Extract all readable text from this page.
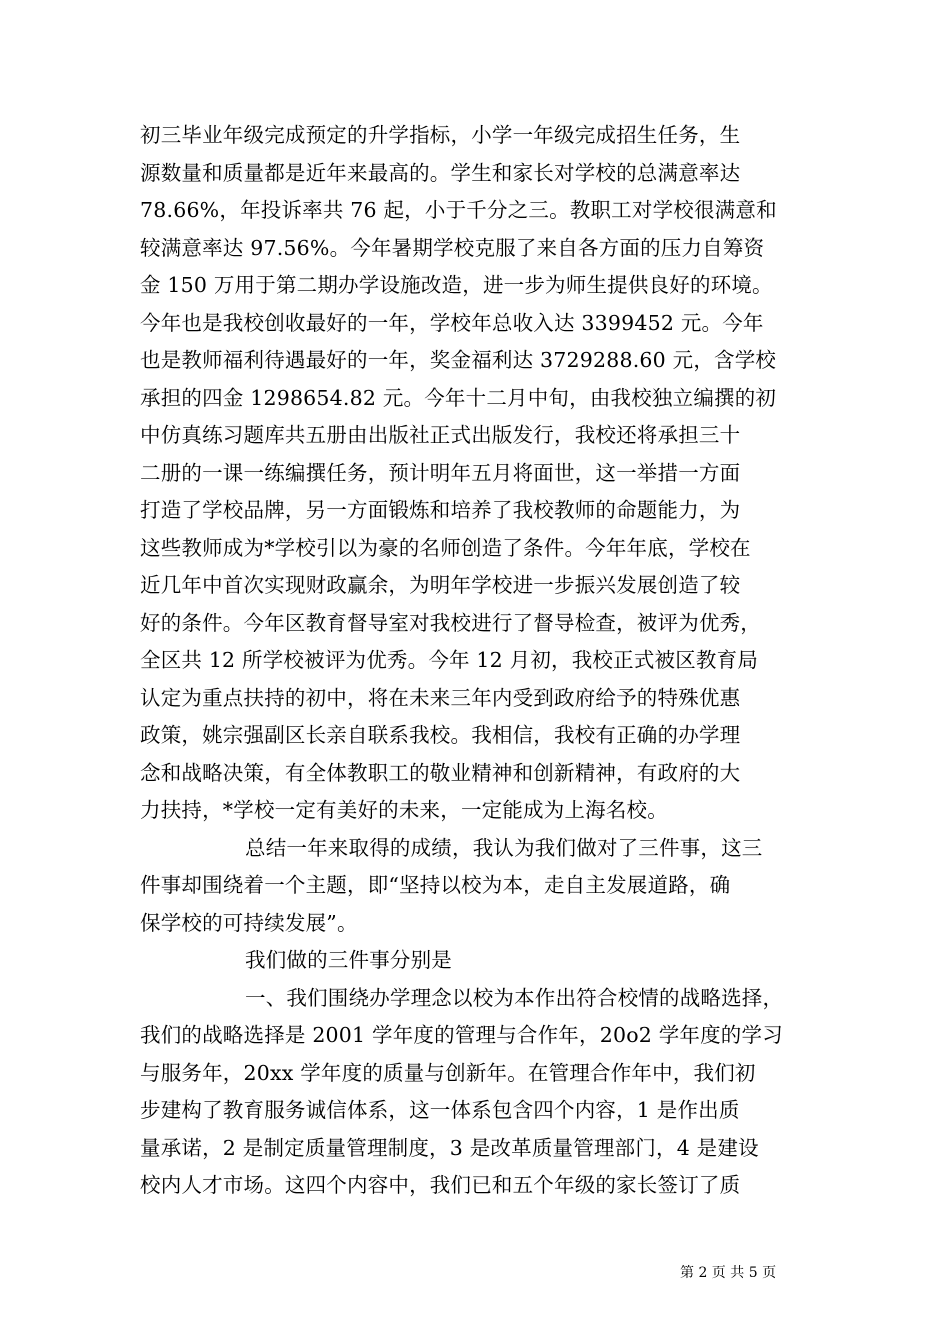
初三毕业年级完成预定的升学指标，小学一年级完成招生任务，生
源数量和质量都是近年来最高的。学生和家长对学校的总满意率达
78.66%，年投诉率共 76 起，小于千分之三。教职工对学校很满意和
较满意率达 97.56%。今年暑期学校克服了来自各方面的压力自筹资
金 150 万用于第二期办学设施改造，进一步为师生提供良好的环境。
今年也是我校创收最好的一年，学校年总收入达 3399452 元。今年
也是教师福利待遇最好的一年，奖金福利达 3729288.60 元，含学校
承担的四金 1298654.82 元。今年十二月中旬，由我校独立编撰的初
中仿真练习题库共五册由出版社正式出版发行，我校还将承担三十
二册的一课一练编撰任务，预计明年五月将面世，这一举措一方面
打造了学校品牌，另一方面锻炼和培养了我校教师的命题能力，为
这些教师成为*学校引以为豪的名师创造了条件。今年年底，学校在
近几年中首次实现财政赢余，为明年学校进一步振兴发展创造了较
好的条件。今年区教育督导室对我校进行了督导检查，被评为优秀，
全区共 12 所学校被评为优秀。今年 12 月初，我校正式被区教育局
认定为重点扶持的初中，将在未来三年内受到政府给予的特殊优惠
政策，姚宗强副区长亲自联系我校。我相信，我校有正确的办学理
念和战略决策，有全体教职工的敬业精神和创新精神，有政府的大
力扶持，*学校一定有美好的未来，一定能成为上海名校。
总结一年来取得的成绩，我认为我们做对了三件事，这三
件事却围绕着一个主题，即“坚持以校为本，走自主发展道路，确
保学校的可持续发展”。
我们做的三件事分别是
一、我们围绕办学理念以校为本作出符合校情的战略选择，
我们的战略选择是 2001 学年度的管理与合作年，20o2 学年度的学习
与服务年，20xx 学年度的质量与创新年。在管理合作年中，我们初
步建构了教育服务诚信体系，这一体系包含四个内容，1 是作出质
量承诺，2 是制定质量管理制度，3 是改革质量管理部门，4 是建设
校内人才市场。这四个内容中，我们已和五个年级的家长签订了质
第 2 页 共 5 页
